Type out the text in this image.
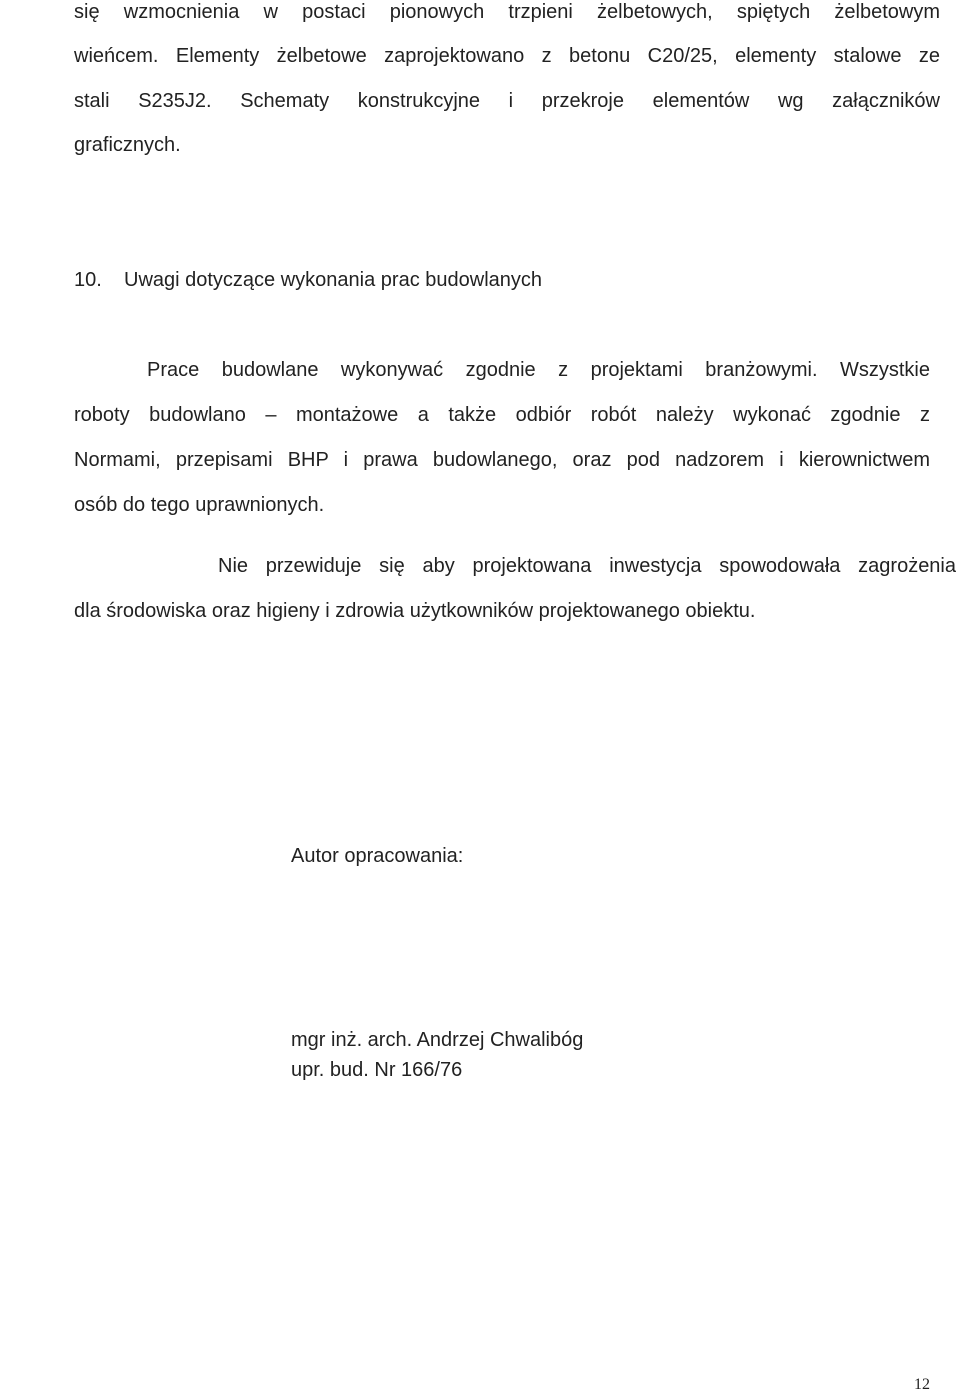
się wzmocnienia w postaci pionowych trzpieni żelbetowych, spiętych żelbetowym
wieńcem. Elementy żelbetowe zaprojektowano z betonu C20/25, elementy stalowe ze
stali S235J2. Schematy konstrukcyjne i przekroje elementów wg załączników
graficznych.
10. Uwagi dotyczące wykonania prac budowlanych
Prace budowlane wykonywać zgodnie z projektami branżowymi. Wszystkie
roboty budowlano – montażowe a także odbiór robót należy wykonać zgodnie z
Normami, przepisami BHP i prawa budowlanego, oraz pod nadzorem i kierownictwem
osób do tego uprawnionych.
Nie przewiduje się aby projektowana inwestycja spowodowała zagrożenia
dla środowiska oraz higieny i zdrowia użytkowników projektowanego obiektu.
Autor opracowania:
mgr inż. arch. Andrzej Chwalibóg
upr. bud. Nr 166/76
12
